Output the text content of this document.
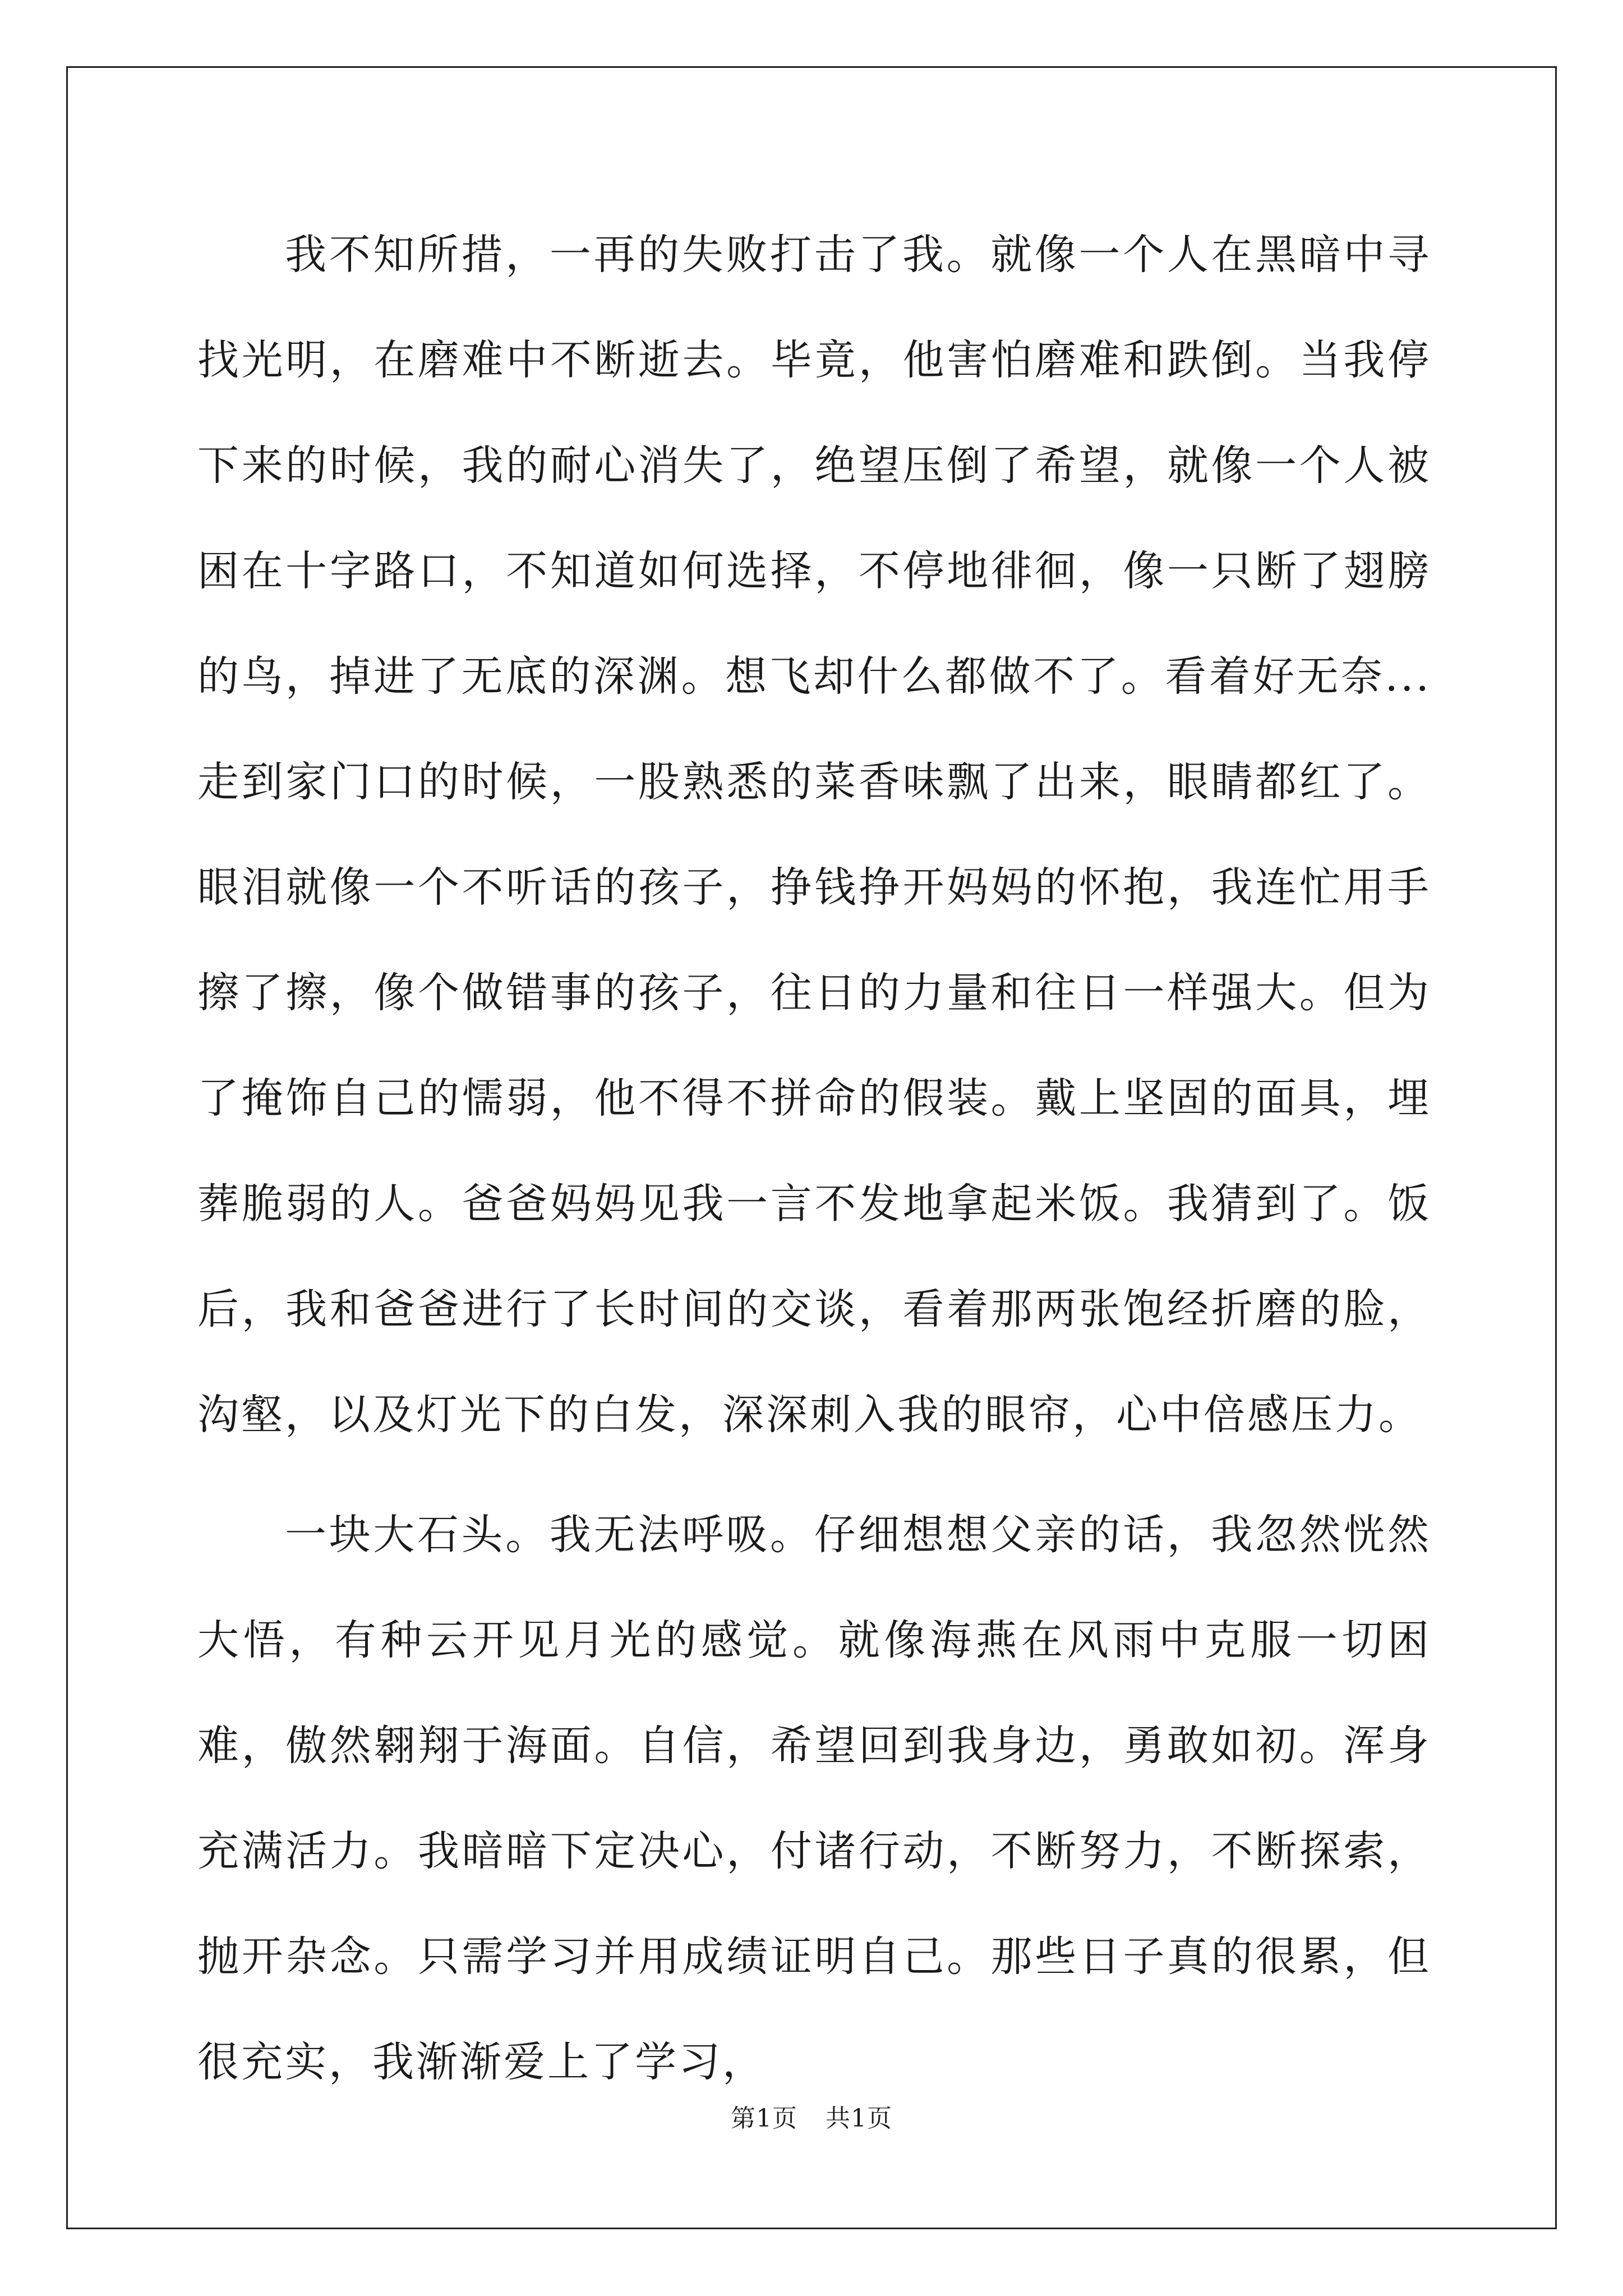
我不知所措，一再的失败打击了我。就像一个人在黑暗中寻找光明，在磨难中不断逝去。毕竟，他害怕磨难和跌倒。当我停下来的时候，我的耐心消失了，绝望压倒了希望，就像一个人被困在十字路口，不知道如何选择，不停地徘徊，像一只断了翅膀的鸟，掉进了无底的深渊。想飞却什么都做不了。看着好无奈...走到家门口的时候，一股熟悉的菜香味飘了出来，眼睛都红了。眼泪就像一个不听话的孩子，挣钱挣开妈妈的怀抱，我连忙用手擦了擦，像个做错事的孩子，往日的力量和往日一样强大。但为了掩饰自己的懦弱，他不得不拼命的假装。戴上坚固的面具，埋葬脆弱的人。爸爸妈妈见我一言不发地拿起米饭。我猜到了。饭后，我和爸爸进行了长时间的交谈，看着那两张饱经折磨的脸，沟壑，以及灯光下的白发，深深刺入我的眼帘，心中倍感压力。

一块大石头。我无法呼吸。仔细想想父亲的话，我忽然恍然大悟，有种云开见月光的感觉。就像海燕在风雨中克服一切困难，傲然翱翔于海面。自信，希望回到我身边，勇敢如初。浑身充满活力。我暗暗下定决心，付诸行动，不断努力，不断探索，抛开杂念。只需学习并用成绩证明自己。那些日子真的很累，但很充实，我渐渐爱上了学习，

第1页 共1页
